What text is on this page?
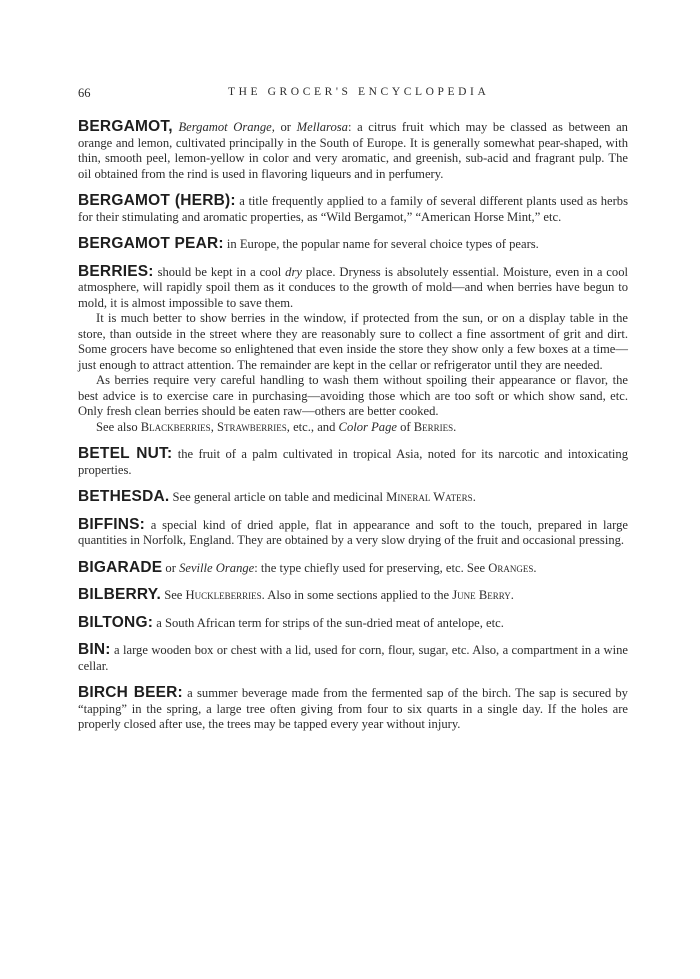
66	THE GROCER'S ENCYCLOPEDIA

BERGAMOT, Bergamot Orange, or Mellarosa: a citrus fruit which may be classed as between an orange and lemon, cultivated principally in the South of Europe. It is generally somewhat pear-shaped, with thin, smooth peel, lemon-yellow in color and very aromatic, and greenish, sub-acid and fragrant pulp. The oil obtained from the rind is used in flavoring liqueurs and in perfumery.

BERGAMOT (HERB): a title frequently applied to a family of several different plants used as herbs for their stimulating and aromatic properties, as “Wild Bergamot,” “American Horse Mint,” etc.

BERGAMOT PEAR: in Europe, the popular name for several choice types of pears.

BERRIES: should be kept in a cool dry place. Dryness is absolutely essential. Moisture, even in a cool atmosphere, will rapidly spoil them as it conduces to the growth of mold—and when berries have begun to mold, it is almost impossible to save them.

It is much better to show berries in the window, if protected from the sun, or on a display table in the store, than outside in the street where they are reasonably sure to collect a fine assortment of grit and dirt. Some grocers have become so enlightened that even inside the store they show only a few boxes at a time—just enough to attract attention. The remainder are kept in the cellar or refrigerator until they are needed.

As berries require very careful handling to wash them without spoiling their appearance or flavor, the best advice is to exercise care in purchasing—avoiding those which are too soft or which show sand, etc. Only fresh clean berries should be eaten raw—others are better cooked.

See also Blackberries, Strawberries, etc., and Color Page of Berries.

BETEL NUT: the fruit of a palm cultivated in tropical Asia, noted for its narcotic and intoxicating properties.

BETHESDA. See general article on table and medicinal Mineral Waters.

BIFFINS: a special kind of dried apple, flat in appearance and soft to the touch, prepared in large quantities in Norfolk, England. They are obtained by a very slow drying of the fruit and occasional pressing.

BIGARADE or Seville Orange: the type chiefly used for preserving, etc. See Oranges.

BILBERRY. See Huckleberries. Also in some sections applied to the June Berry.

BILTONG: a South African term for strips of the sun-dried meat of antelope, etc.

BIN: a large wooden box or chest with a lid, used for corn, flour, sugar, etc. Also, a compartment in a wine cellar.

BIRCH BEER: a summer beverage made from the fermented sap of the birch. The sap is secured by “tapping” in the spring, a large tree often giving from four to six quarts in a single day. If the holes are properly closed after use, the trees may be tapped every year without injury.
